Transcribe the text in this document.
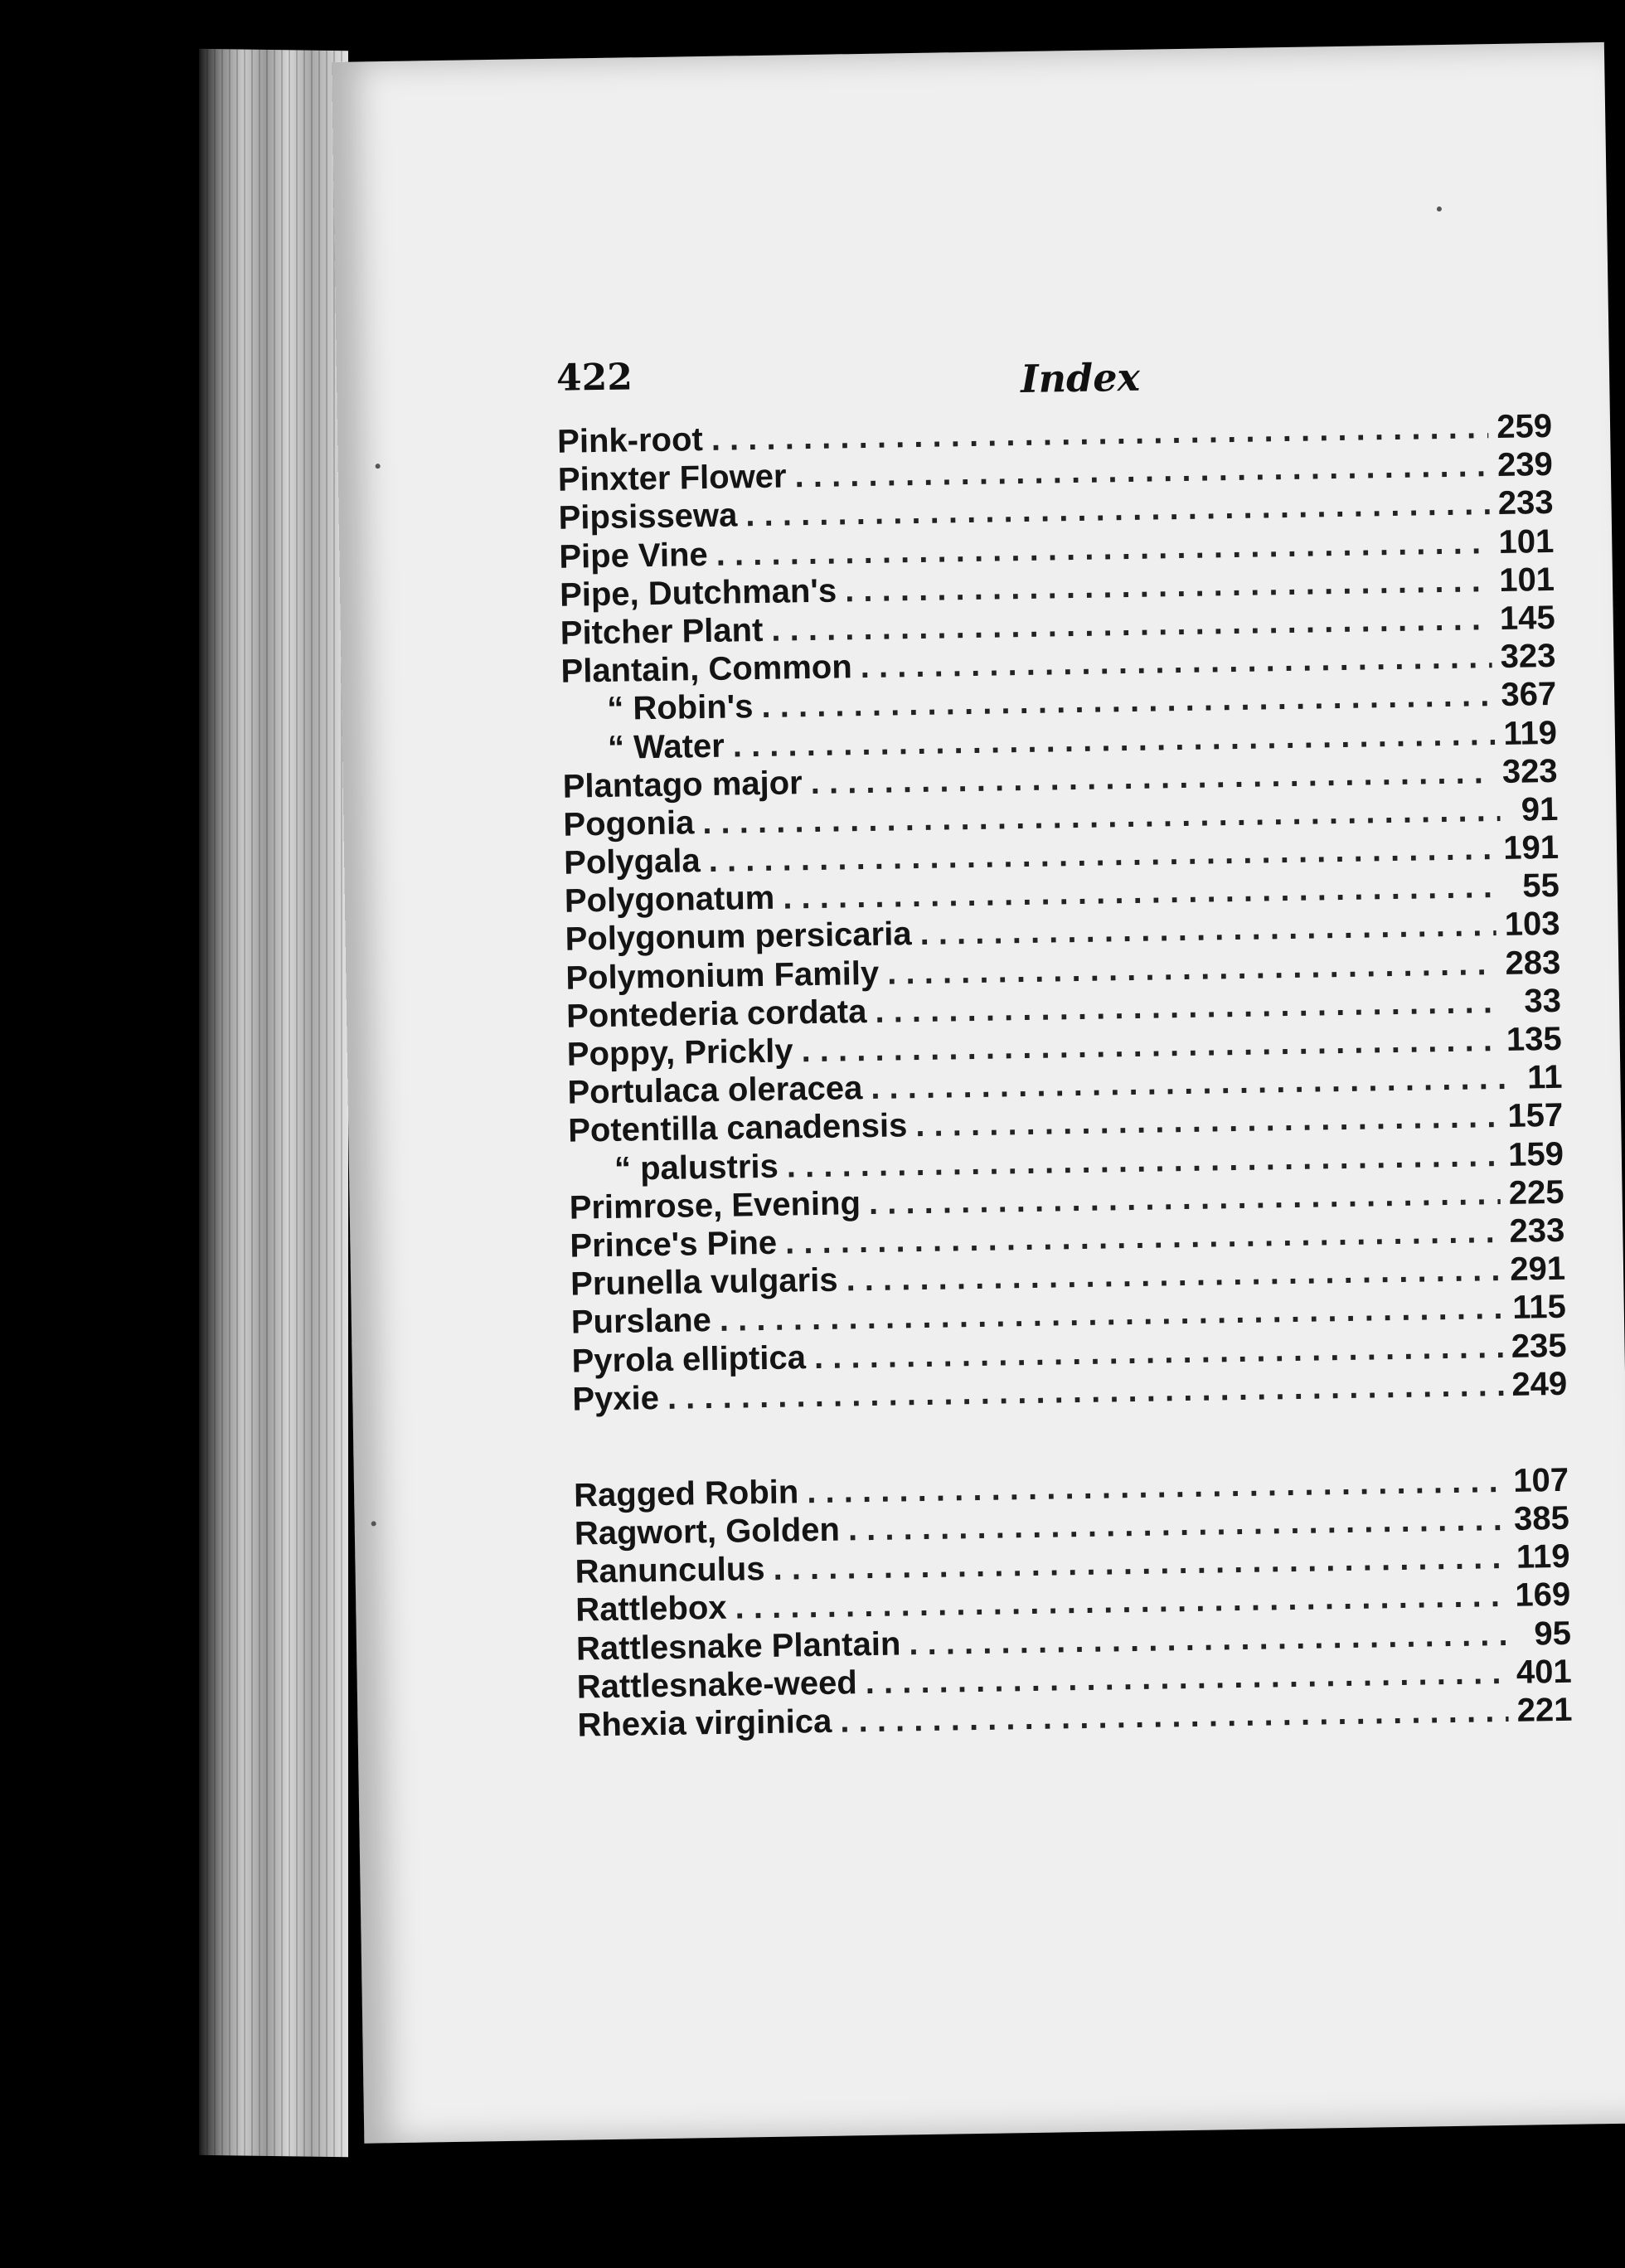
422	Index
Pink-root . . .	259
Pinxter Flower . . .	239
Pipsissewa . . .	233
Pipe Vine . . .	101
Pipe, Dutchman's . . .	101
Pitcher Plant . . .	145
Plantain, Common . . .	323
“ Robin's . . .	367
“ Water . . .	119
Plantago major . . .	323
Pogonia . . .	91
Polygala . . .	191
Polygonatum . . .	55
Polygonum persicaria . . .	103
Polymonium Family . . .	283
Pontederia cordata . . .	33
Poppy, Prickly . . .	135
Portulaca oleracea . . .	11
Potentilla canadensis . . .	157
“ palustris . . .	159
Primrose, Evening . . .	225
Prince's Pine . . .	233
Prunella vulgaris . . .	291
Purslane . . .	115
Pyrola elliptica . . .	235
Pyxie . . .	249
Ragged Robin . . .	107
Ragwort, Golden . . .	385
Ranunculus . . .	119
Rattlebox . . .	169
Rattlesnake Plantain . . .	95
Rattlesnake-weed . . .	401
Rhexia virginica . . .	221
